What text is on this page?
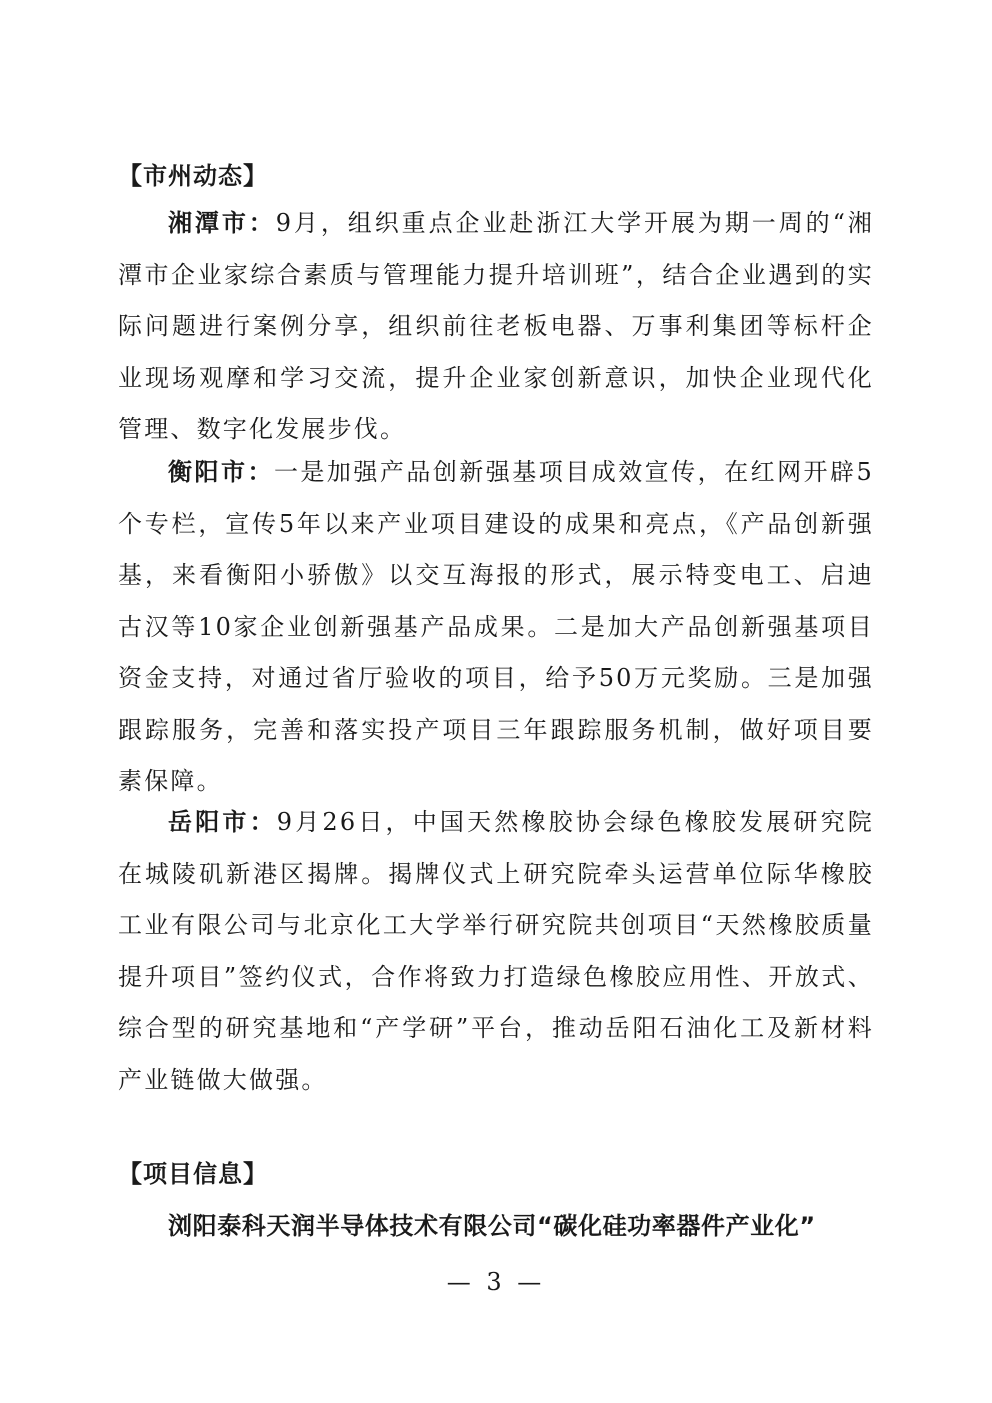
【市州动态】

湘潭市：9月，组织重点企业赴浙江大学开展为期一周的“湘潭市企业家综合素质与管理能力提升培训班”，结合企业遇到的实际问题进行案例分享，组织前往老板电器、万事利集团等标杆企业现场观摩和学习交流，提升企业家创新意识，加快企业现代化管理、数字化发展步伐。

衡阳市：一是加强产品创新强基项目成效宣传，在红网开辟5个专栏，宣传5年以来产业项目建设的成果和亮点，《产品创新强基，来看衡阳小骄傲》以交互海报的形式，展示特变电工、启迪古汉等10家企业创新强基产品成果。二是加大产品创新强基项目资金支持，对通过省厅验收的项目，给予50万元奖励。三是加强跟踪服务，完善和落实投产项目三年跟踪服务机制，做好项目要素保障。

岳阳市：9月26日，中国天然橡胶协会绿色橡胶发展研究院在城陵矶新港区揭牌。揭牌仪式上研究院牵头运营单位际华橡胶工业有限公司与北京化工大学举行研究院共创项目“天然橡胶质量提升项目”签约仪式，合作将致力打造绿色橡胶应用性、开放式、综合型的研究基地和“产学研”平台，推动岳阳石油化工及新材料产业链做大做强。

【项目信息】
浏阳泰科天润半导体技术有限公司“碳化硅功率器件产业化”
— 3 —
